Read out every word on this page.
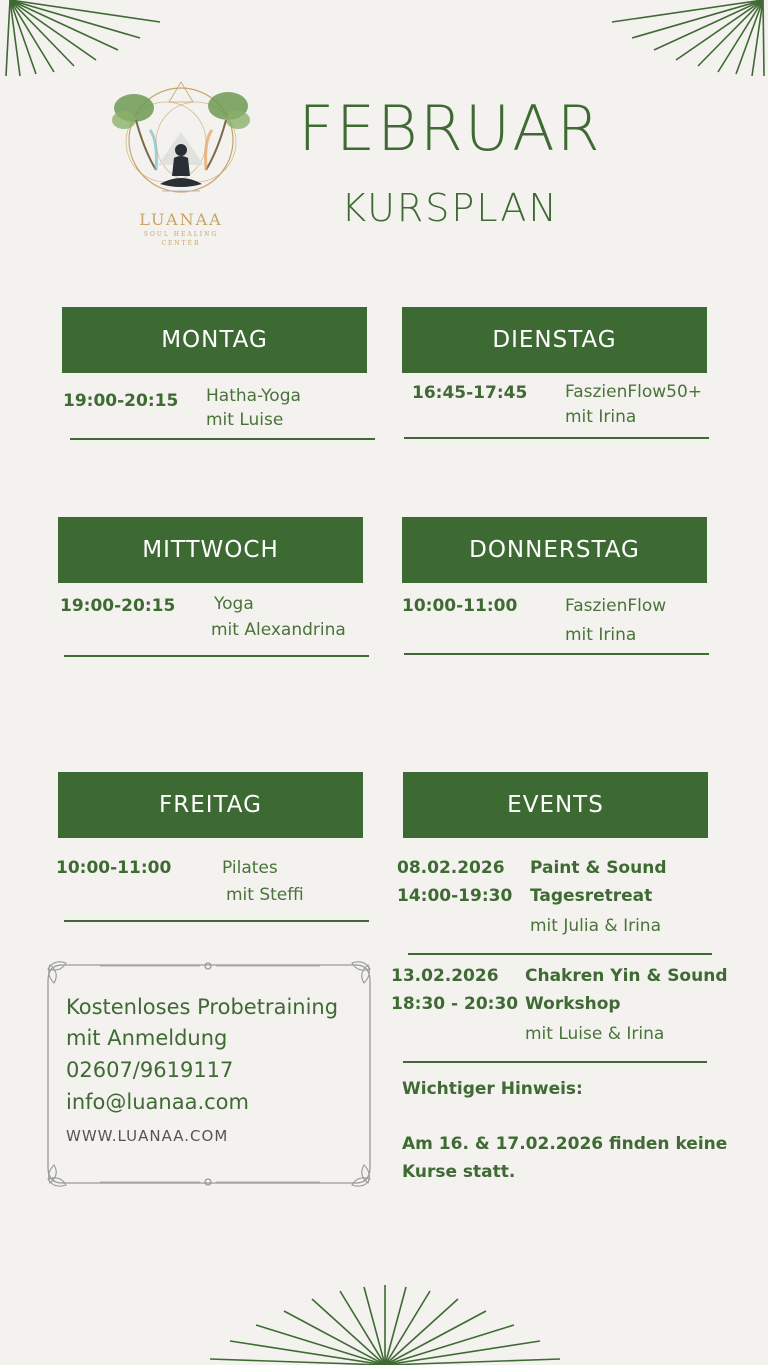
LUANAA
SOUL HEALING
CENTER
FEBRUAR
KURSPLAN
MONTAG
19:00-20:15 Hatha-Yoga
mit Luise
DIENSTAG
16:45-17:45 FaszienFlow50+
mit Irina
MITTWOCH
19:00-20:15 Yoga
mit Alexandrina
DONNERSTAG
10:00-11:00	FaszienFlow
mit Irina
FREITAG
10:00-11:00	Pilates
mit Steffi
EVENTS
08.02.2026
14:00-19:30
Paint & Sound
Tagesretreat
mit Julia & Irina
13.02.2026
18:30 - 20:30
Chakren Yin & Sound
Workshop
mit Luise & Irina
Wichtiger Hinweis:
Am 16. & 17.02.2026 finden keine
Kurse statt.
Kostenloses Probetraining
mit Anmeldung
02607/9619117
info@luanaa.com
WWW.LUANAA.COM
